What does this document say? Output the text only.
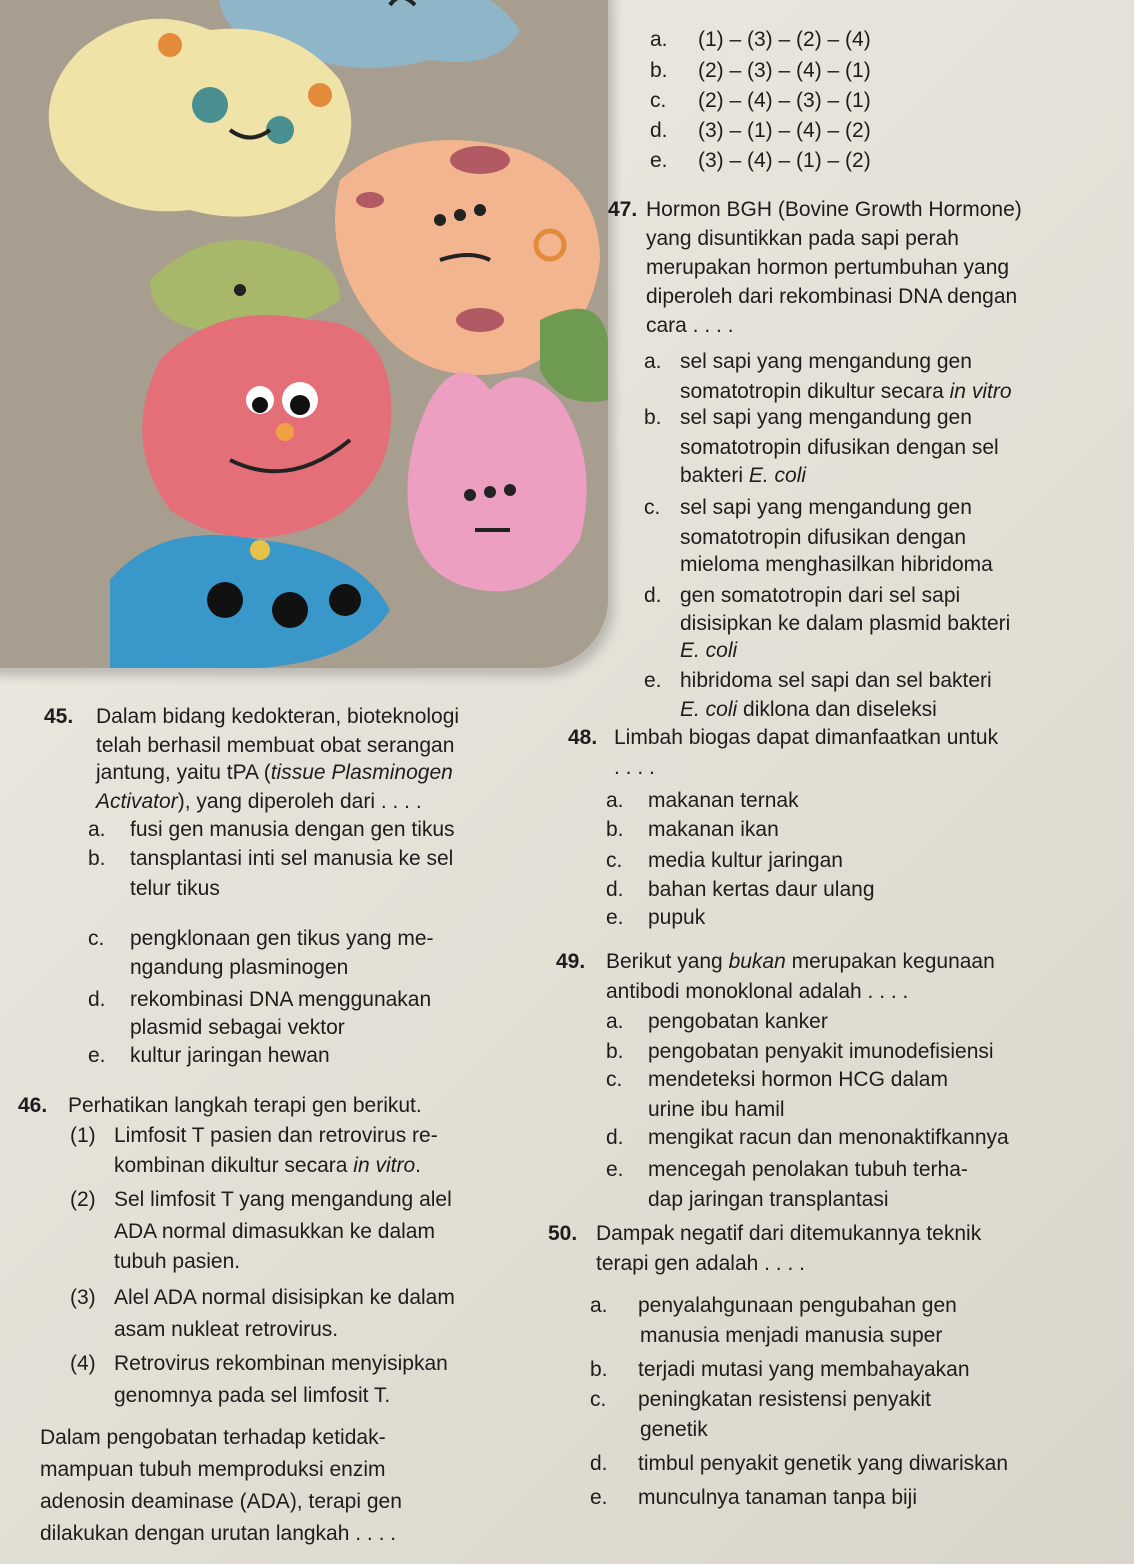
a. (1) – (3) – (2) – (4)
b. (2) – (3) – (4) – (1)
c. (2) – (4) – (3) – (1)
d. (3) – (1) – (4) – (2)
e. (3) – (4) – (1) – (2)
47. Hormon BGH (Bovine Growth Hormone)
yang disuntikkan pada sapi perah
merupakan hormon pertumbuhan yang
diperoleh dari rekombinasi DNA dengan
cara . . . .
a. sel sapi yang mengandung gen
somatotropin dikultur secara in vitro
b. sel sapi yang mengandung gen
somatotropin difusikan dengan sel
bakteri E. coli
c. sel sapi yang mengandung gen
somatotropin difusikan dengan
mieloma menghasilkan hibridoma
d. gen somatotropin dari sel sapi
disisipkan ke dalam plasmid bakteri
E. coli
e. hibridoma sel sapi dan sel bakteri
E. coli diklona dan diseleksi
45. Dalam bidang kedokteran, bioteknologi
telah berhasil membuat obat serangan
jantung, yaitu tPA (tissue Plasminogen
Activator), yang diperoleh dari . . . .
a. fusi gen manusia dengan gen tikus
b. tansplantasi inti sel manusia ke sel
telur tikus
c. pengklonaan gen tikus yang me-
ngandung plasminogen
d. rekombinasi DNA menggunakan
plasmid sebagai vektor
e. kultur jaringan hewan
46. Perhatikan langkah terapi gen berikut.
(1) Limfosit T pasien dan retrovirus re-
kombinan dikultur secara in vitro.
(2) Sel limfosit T yang mengandung alel
ADA normal dimasukkan ke dalam
tubuh pasien.
(3) Alel ADA normal disisipkan ke dalam
asam nukleat retrovirus.
(4) Retrovirus rekombinan menyisipkan
genomnya pada sel limfosit T.
Dalam pengobatan terhadap ketidak-
mampuan tubuh memproduksi enzim
adenosin deaminase (ADA), terapi gen
dilakukan dengan urutan langkah . . . .
48. Limbah biogas dapat dimanfaatkan untuk
. . . .
a. makanan ternak
b. makanan ikan
c. media kultur jaringan
d. bahan kertas daur ulang
e. pupuk
49. Berikut yang bukan merupakan kegunaan
antibodi monoklonal adalah . . . .
a. pengobatan kanker
b. pengobatan penyakit imunodefisiensi
c. mendeteksi hormon HCG dalam
urine ibu hamil
d. mengikat racun dan menonaktifkannya
e. mencegah penolakan tubuh terha-
dap jaringan transplantasi
50. Dampak negatif dari ditemukannya teknik
terapi gen adalah . . . .
a. penyalahgunaan pengubahan gen
manusia menjadi manusia super
b. terjadi mutasi yang membahayakan
c. peningkatan resistensi penyakit
genetik
d. timbul penyakit genetik yang diwariskan
e. munculnya tanaman tanpa biji
